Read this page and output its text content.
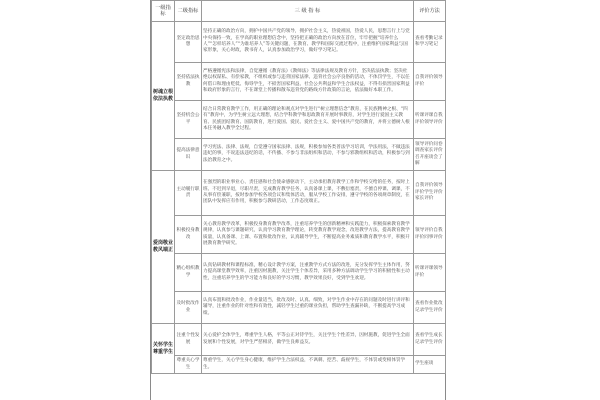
一级指标	二级指标	三 级 指 标	评价方法
树魂立根依法执教	坚定政治思想	坚持正确的政治方向，拥护中国共产党的领导，拥护社会主义，热爱祖国，热爱人民，思想言行上与党中央保持一致，在学高的职业理想信念中，坚持把正确的政治方向放在首位，牢牢把握“培养什么人”“怎样培养人”“为谁培养人”等关键问题，在教育、教学和国际交流过程中，注重维护国家利益与国家形象，关心时政，教书育人，认真参加政治学习，做好学习笔记。	查看考勤记录和学习笔记
	坚持依法执教	严格遵循宪法和法律，自觉遵循《教育法》《教师法》等法律法规及教育方针，坚决依法执教；坚决杜绝以权谋私、有偿家教，不组织或参与违背国家法律、违背社会公序良俗的活动，不体罚学生，不以任何借口和理由贬低、侮辱学生，不损害国家利益、社会公共利益和学生合法权益，不得有损害国家利益和政府形象的言行，不在课堂上传播和散布违背党的路线方针政策的言论，依法做好本职工作。	自我评价领导评价
	坚持机会公平	结合日常教育教学工作，用正确的理论和观点对学生进行“树立理想信念”教育，在民族精神之根、“四有”教育中，为学生树立远大理想，结合学科教学和思政教育开展时事教育，对学生进行爱国主义教育、民族团结教育、国防教育，进行爱国、爱民、爱社会主义、爱中国共产党的教育，并将立德树人根本任务融入教学全过程。	听课评课自我评价领导评价
	提高法律意识	学习宪法、法律、法规，自觉遵守国家法律、法规，积极参加各类普法学习培训，学法用法，不做违法违纪的事，不说违法违纪的话，不传播、不参与非法组织和活动，不参与邪教组织和活动，积极参与到法治教育之中。	领导评价问卷调查家长评价召开座谈会了解
爱岗敬业教风端正	主动履行职责	在强烈的职业事业心、责任感和社会使命感驱动下，主动承担教育教学工作和学校交给的任务，按时上班、不迟到早退，尽职尽责，完成教育教学任务，认真备课上课，不敷衍塞责，不擅自停课、调课，不从事有偿兼职，按时参加学校各项会议和集体活动，服从学校工作安排，遵守学校的各项规章制度，在团队中发挥应有作用，积极参与教研活动，工作态度端正。	自我评价领导评价学生评价家长评价
	积极投身教改	关心教育教学改革，积极投身教育教学改革，注重培养学生的创新精神和实践能力，积极探索教育教学规律，认真参与课题研究，认真学习教育教学理论，转变教育教学观念，改进教学方法，提高教育教学质量，认真备课、上课、布置和批改作业，认真辅导学生，不断提高业务素质和教育教学水平，积极开展教育教学研究。	领导评价自我评价同事评价
	精心组织教学	认真钻研教材和课程标准，精心设计教学方案，注重教学方式方法的改进，充分发挥学生主体作用，努力提高课堂教学效率，注重因材施教，关注学生个体差异，采用多种方法调动学生学习的积极性和主动性，注重培养学生的学习能力和良好的学习习惯，教学效果良好，受到学生欢迎。	听课评课领导评价
	及时批改作业	认真布置和批改作业，作业量适当，批改及时、认真、细致，对学生作业中存在的问题及时进行讲评和辅导，注重作业的针对性和有效性，减轻学生过重的课业负担，帮助学生查漏补缺，不断提高学习成绩。	查看作业批改记录学生评价
关怀学生尊重学生	注重个性发展	关心爱护全体学生，尊重学生人格，平等公正对待学生，关注学生个性差异，因材施教，促进学生全面发展和个性发展，对学生严慈相济，做学生良师益友。	查看学生成长记录学生评价
	尊重关心学生	尊重学生，关心学生身心健康，维护学生合法权益，不讽刺、挖苦、歧视学生，不体罚或变相体罚学生。	学生座谈
